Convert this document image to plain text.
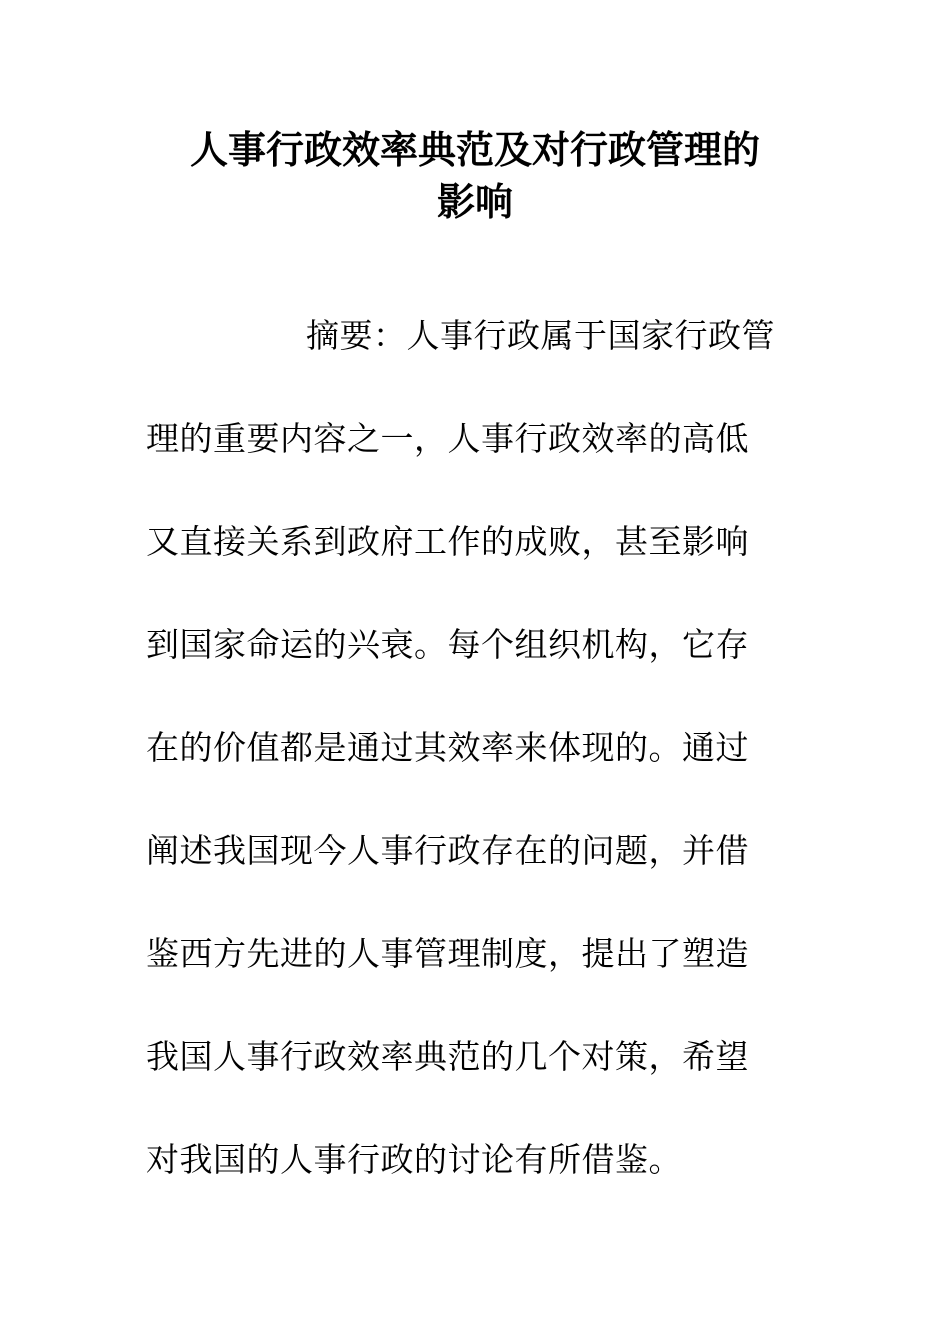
人事行政效率典范及对行政管理的
影响
摘要：人事行政属于国家行政管
理的重要内容之一，人事行政效率的高低
又直接关系到政府工作的成败，甚至影响
到国家命运的兴衰。每个组织机构，它存
在的价值都是通过其效率来体现的。通过
阐述我国现今人事行政存在的问题，并借
鉴西方先进的人事管理制度，提出了塑造
我国人事行政效率典范的几个对策，希望
对我国的人事行政的讨论有所借鉴。
